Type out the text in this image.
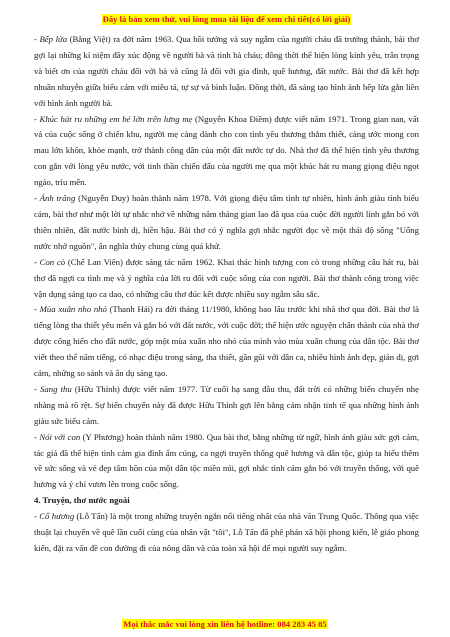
Đây là bản xem thử, vui lòng mua tài liệu để xem chi tiết(có lời giải)

- Bếp lửa (Bằng Việt) ra đời năm 1963. Qua hồi tưởng và suy ngẫm của người cháu đã trưởng thành, bài thơ gợi lại những kỉ niệm đầy xúc động về người bà và tình bà cháu; đồng thời thể hiện lòng kính yêu, trân trọng và biết ơn của người cháu đối với bà và cũng là đối với gia đình, quê hương, đất nước. Bài thơ đã kết hợp nhuần nhuyễn giữa biểu cảm với miêu tả, tự sự và bình luận. Đồng thời, đã sáng tạo hình ảnh bếp lửa gắn liền với hình ảnh người bà.

- Khúc hát ru những em bé lớn trên lưng mẹ (Nguyễn Khoa Điềm) được viết năm 1971. Trong gian nan, vất vả của cuộc sống ở chiến khu, người mẹ càng dành cho con tình yêu thương thắm thiết, càng ước mong con mau lớn khôn, khỏe mạnh, trở thành công dân của một đất nước tự do. Nhà thơ đã thể hiện tình yêu thương con gắn với lòng yêu nước, với tinh thần chiến đấu của người mẹ qua một khúc hát ru mang giọng điệu ngọt ngào, trìu mến.

- Ánh trăng (Nguyễn Duy) hoàn thành năm 1978. Với giọng điệu tâm tình tự nhiên, hình ảnh giàu tính biểu cảm, bài thơ như một lời tự nhắc nhở về những năm tháng gian lao đã qua của cuộc đời người lính gắn bó với thiên nhiên, đất nước bình dị, hiền hậu. Bài thơ có ý nghĩa gợi nhắc người đọc về một thái độ sống "Uống nước nhớ nguồn", ân nghĩa thủy chung cùng quá khứ.

- Con cò (Chế Lan Viên) được sáng tác năm 1962. Khai thác hình tượng con cò trong những câu hát ru, bài thơ đã ngợi ca tình mẹ và ý nghĩa của lời ru đối với cuộc sống của con người. Bài thơ thành công trong việc vận dụng sáng tạo ca dao, có những câu thơ đúc kết được nhiều suy ngẫm sâu sắc.

- Mùa xuân nho nhỏ (Thanh Hải) ra đời tháng 11/1980, không bao lâu trước khi nhà thơ qua đời. Bài thơ là tiếng lòng tha thiết yêu mến và gắn bó với đất nước, với cuộc đời; thể hiện ước nguyện chân thành của nhà thơ được cống hiến cho đất nước, góp một mùa xuân nho nhỏ của mình vào mùa xuân chung của dân tộc. Bài thơ viết theo thể năm tiếng, có nhạc điệu trong sáng, tha thiết, gần gũi với dân ca, nhiều hình ảnh đẹp, giản dị, gợi cảm, những so sánh và ẩn dụ sáng tạo.

- Sang thu (Hữu Thỉnh) được viết năm 1977. Từ cuối hạ sang đầu thu, đất trời có những biến chuyển nhẹ nhàng mà rõ rệt. Sự biến chuyển này đã được Hữu Thỉnh gợi lên bằng cảm nhận tinh tế qua những hình ảnh giàu sức biểu cảm.

- Nói với con (Y Phương) hoàn thành năm 1980. Qua bài thơ, bằng những từ ngữ, hình ảnh giàu sức gợi cảm, tác giả đã thể hiện tình cảm gia đình ấm cúng, ca ngợi truyền thống quê hương và dân tộc, giúp ta hiểu thêm về sức sống và vẻ đẹp tâm hồn của một dân tộc miền núi, gợi nhắc tình cảm gắn bó với truyền thống, với quê hương và ý chí vươn lên trong cuộc sống.

4. Truyện, thơ nước ngoài

- Cố hương (Lỗ Tấn) là một trong những truyện ngắn nổi tiếng nhất của nhà văn Trung Quốc. Thông qua việc thuật lại chuyến về quê lần cuối cùng của nhân vật "tôi", Lỗ Tấn đã phê phán xã hội phong kiến, lễ giáo phong kiến, đặt ra vấn đề con đường đi của nông dân và của toàn xã hội để mọi người suy ngẫm.

Mọi thắc mắc vui lòng xin liên hệ hotline: 084 283 45 85
